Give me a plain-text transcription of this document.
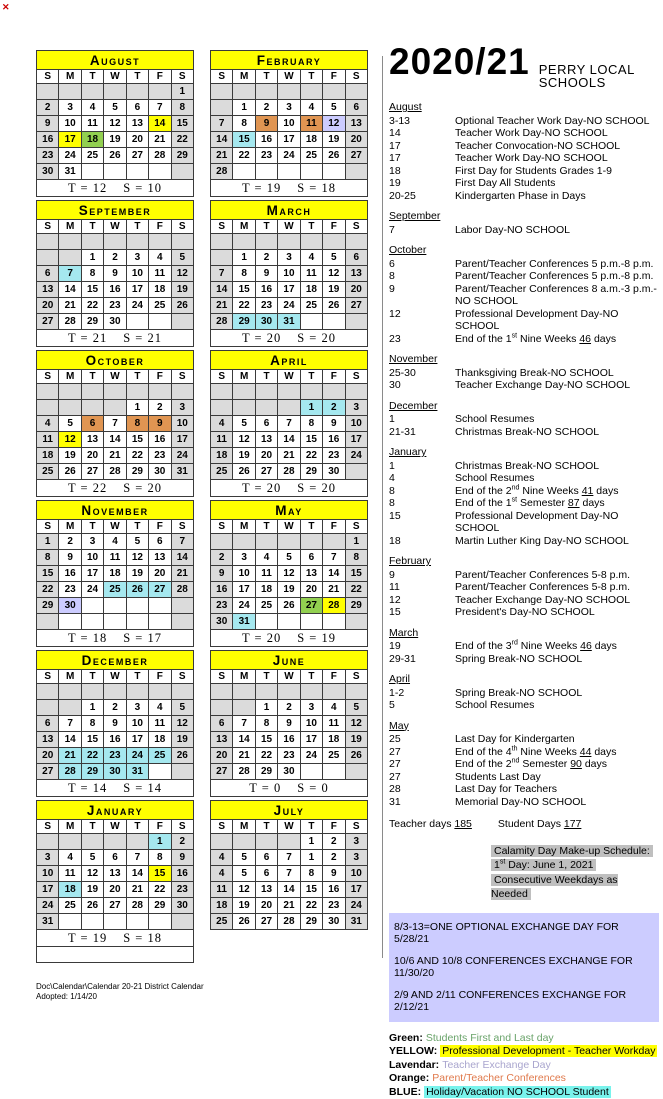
✕
August						
S	M	T	W	T	F	S
						1
2	3	4	5	6	7	8
9	10	11	12	13	14	15
16	17	18	19	20	21	22
23	24	25	26	27	28	29
30	31					
T = 12 S = 10						
September						
S	M	T	W	T	F	S

		1	2	3	4	5
6	7	8	9	10	11	12
13	14	15	16	17	18	19
20	21	22	23	24	25	26
27	28	29	30			
T = 21 S = 21						
October						
S	M	T	W	T	F	S

				1	2	3
4	5	6	7	8	9	10
11	12	13	14	15	16	17
18	19	20	21	22	23	24
25	26	27	28	29	30	31
T = 22 S = 20						
November						
S	M	T	W	T	F	S
1	2	3	4	5	6	7
8	9	10	11	12	13	14
15	16	17	18	19	20	21
22	23	24	25	26	27	28
29	30					

T = 18 S = 17						
December						
S	M	T	W	T	F	S

		1	2	3	4	5
6	7	8	9	10	11	12
13	14	15	16	17	18	19
20	21	22	23	24	25	26
27	28	29	30	31		
T = 14 S = 14						
January						
S	M	T	W	T	F	S
					1	2
3	4	5	6	7	8	9
10	11	12	13	14	15	16
17	18	19	20	21	22	23
24	25	26	27	28	29	30
31						
T = 19 S = 18						

February						
S	M	T	W	T	F	S

	1	2	3	4	5	6
7	8	9	10	11	12	13
14	15	16	17	18	19	20
21	22	23	24	25	26	27
28						
T = 19 S = 18						
March						
S	M	T	W	T	F	S

	1	2	3	4	5	6
7	8	9	10	11	12	13
14	15	16	17	18	19	20
21	22	23	24	25	26	27
28	29	30	31			
T = 20 S = 20						
April						
S	M	T	W	T	F	S

				1	2	3
4	5	6	7	8	9	10
11	12	13	14	15	16	17
18	19	20	21	22	23	24
25	26	27	28	29	30	
T = 20 S = 20						
May						
S	M	T	W	T	F	S
						1
2	3	4	5	6	7	8
9	10	11	12	13	14	15
16	17	18	19	20	21	22
23	24	25	26	27	28	29
30	31					
T = 20 S = 19						
June						
S	M	T	W	T	F	S

		1	2	3	4	5
6	7	8	9	10	11	12
13	14	15	16	17	18	19
20	21	22	23	24	25	26
27	28	29	30			
T = 0 S = 0						
July						
S	M	T	W	T	F	S
				1	2	3
4	5	6	7	1	2	3
4	5	6	7	8	9	10
11	12	13	14	15	16	17
18	19	20	21	22	23	24
25	26	27	28	29	30	31
2020/21 PERRY LOCAL SCHOOLS
August
3-13	Optional Teacher Work Day-NO SCHOOL
14	Teacher Work Day-NO SCHOOL
17	Teacher Convocation-NO SCHOOL
17	Teacher Work Day-NO SCHOOL
18	First Day for Students Grades 1-9
19	First Day All Students
20-25	Kindergarten Phase in Days
September
7	Labor Day-NO SCHOOL
October
6	Parent/Teacher Conferences 5 p.m.-8 p.m.
8	Parent/Teacher Conferences 5 p.m.-8 p.m.
9	Parent/Teacher Conferences 8 a.m.-3 p.m.- NO SCHOOL
12	Professional Development Day-NO SCHOOL
23	End of the 1st Nine Weeks 46 days
November
25-30	Thanksgiving Break-NO SCHOOL
30	Teacher Exchange Day-NO SCHOOL
December
1	School Resumes
21-31	Christmas Break-NO SCHOOL
January
1	Christmas Break-NO SCHOOL
4	School Resumes
8	End of the 2nd Nine Weeks 41 days
8	End of the 1st Semester 87 days
15	Professional Development Day-NO SCHOOL
18	Martin Luther King Day-NO SCHOOL
February
9	Parent/Teacher Conferences 5-8 p.m.
11	Parent/Teacher Conferences 5-8 p.m.
12	Teacher Exchange Day-NO SCHOOL
15	President's Day-NO SCHOOL
March
19	End of the 3rd Nine Weeks 46 days
29-31	Spring Break-NO SCHOOL
April
1-2	Spring Break-NO SCHOOL
5	School Resumes
May
25	Last Day for Kindergarten
27	End of the 4th Nine Weeks 44 days
27	End of the 2nd Semester 90 days
27	Students Last Day
28	Last Day for Teachers
31	Memorial Day-NO SCHOOL
Teacher days 185 Student Days 177
Calamity Day Make-up Schedule:
1st Day: June 1, 2021
Consecutive Weekdays as Needed
8/3-13=ONE OPTIONAL EXCHANGE DAY FOR 5/28/21
10/6 AND 10/8 CONFERENCES EXCHANGE FOR 11/30/20
2/9 AND 2/11 CONFERENCES EXCHANGE FOR 2/12/21
Green: Students First and Last day
YELLOW: Professional Development - Teacher Workday
Lavendar: Teacher Exchange Day
Orange: Parent/Teacher Conferences
BLUE: Holiday/Vacation NO SCHOOL Student
Doc\Calendar\Calendar 20-21 District Calendar
Adopted: 1/14/20
